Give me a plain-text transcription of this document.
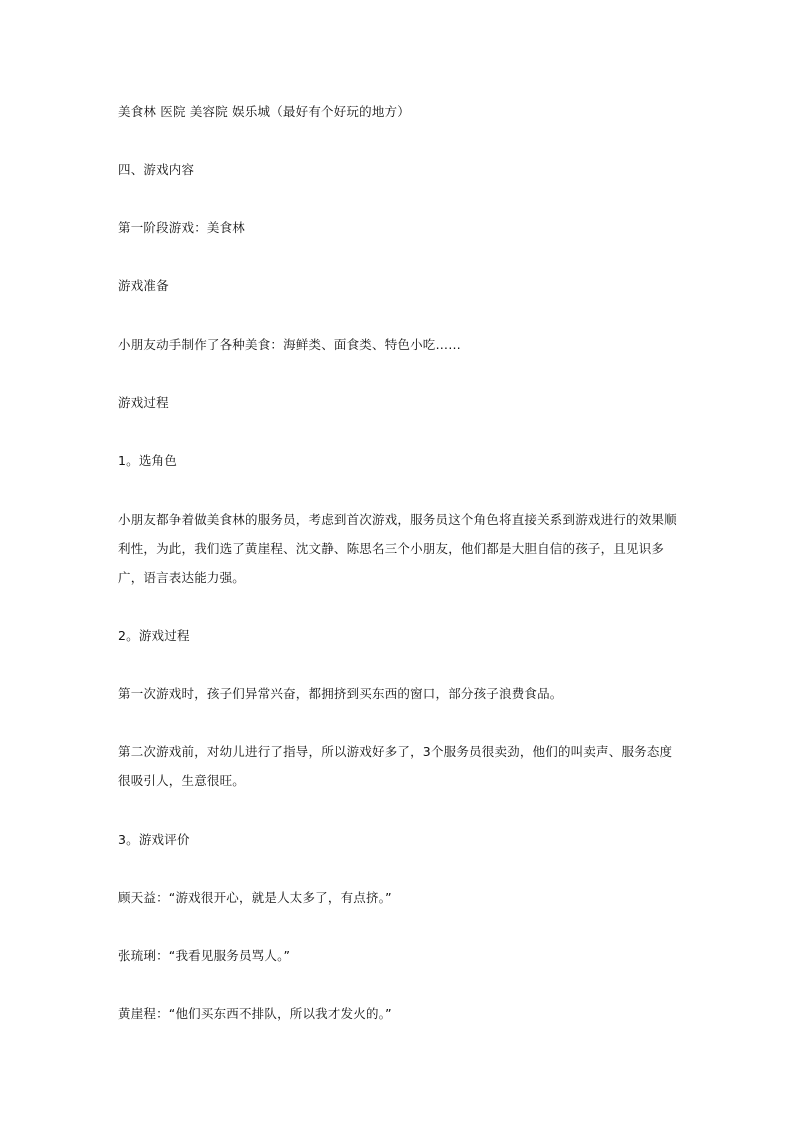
美食林 医院 美容院 娱乐城（最好有个好玩的地方）

四、游戏内容

第一阶段游戏：美食林

游戏准备

小朋友动手制作了各种美食：海鲜类、面食类、特色小吃……

游戏过程

1。选角色

小朋友都争着做美食林的服务员，考虑到首次游戏，服务员这个角色将直接关系到游戏进行的效果顺利性，为此，我们选了黄崖程、沈文静、陈思名三个小朋友，他们都是大胆自信的孩子，且见识多广，语言表达能力强。

2。游戏过程

第一次游戏时，孩子们异常兴奋，都拥挤到买东西的窗口，部分孩子浪费食品。

第二次游戏前，对幼儿进行了指导，所以游戏好多了，3个服务员很卖劲，他们的叫卖声、服务态度很吸引人，生意很旺。

3。游戏评价

顾天益：“游戏很开心，就是人太多了，有点挤。”

张琉琍：“我看见服务员骂人。”

黄崖程：“他们买东西不排队，所以我才发火的。”
